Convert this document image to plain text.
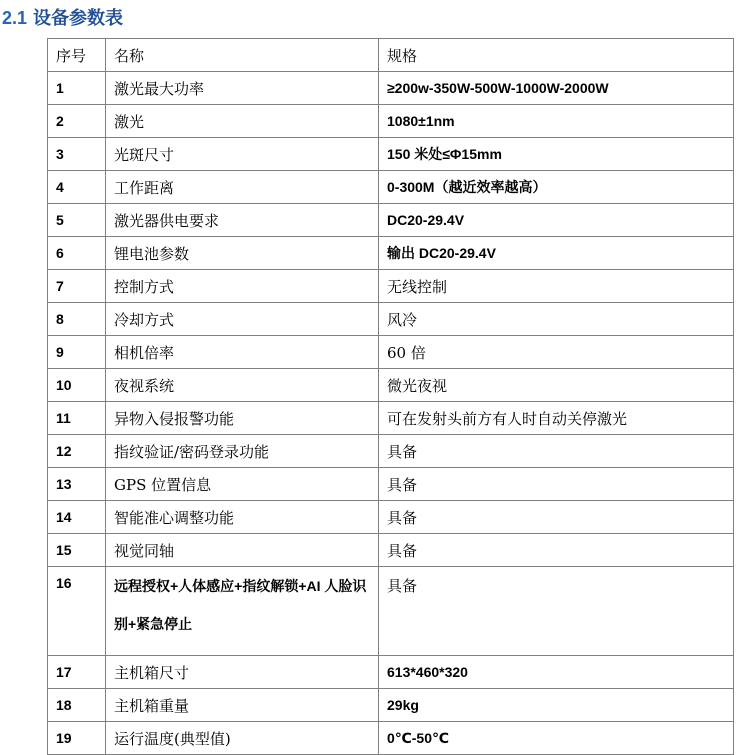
2.1 设备参数表
序号	名称	规格
1	激光最大功率	≥200w-350W-500W-1000W-2000W
2	激光	1080±1nm
3	光斑尺寸	150 米处≤Φ15mm
4	工作距离	0-300M（越近效率越高）
5	激光器供电要求	DC20-29.4V
6	锂电池参数	输出 DC20-29.4V
7	控制方式	无线控制
8	冷却方式	风冷
9	相机倍率	60 倍
10	夜视系统	微光夜视
11	异物入侵报警功能	可在发射头前方有人时自动关停激光
12	指纹验证/密码登录功能	具备
13	GPS 位置信息	具备
14	智能准心调整功能	具备
15	视觉同轴	具备
16	远程授权+人体感应+指纹解锁+AI 人脸识别+紧急停止	具备
17	主机箱尺寸	613*460*320
18	主机箱重量	29kg
19	运行温度(典型值)	0℃-50℃
